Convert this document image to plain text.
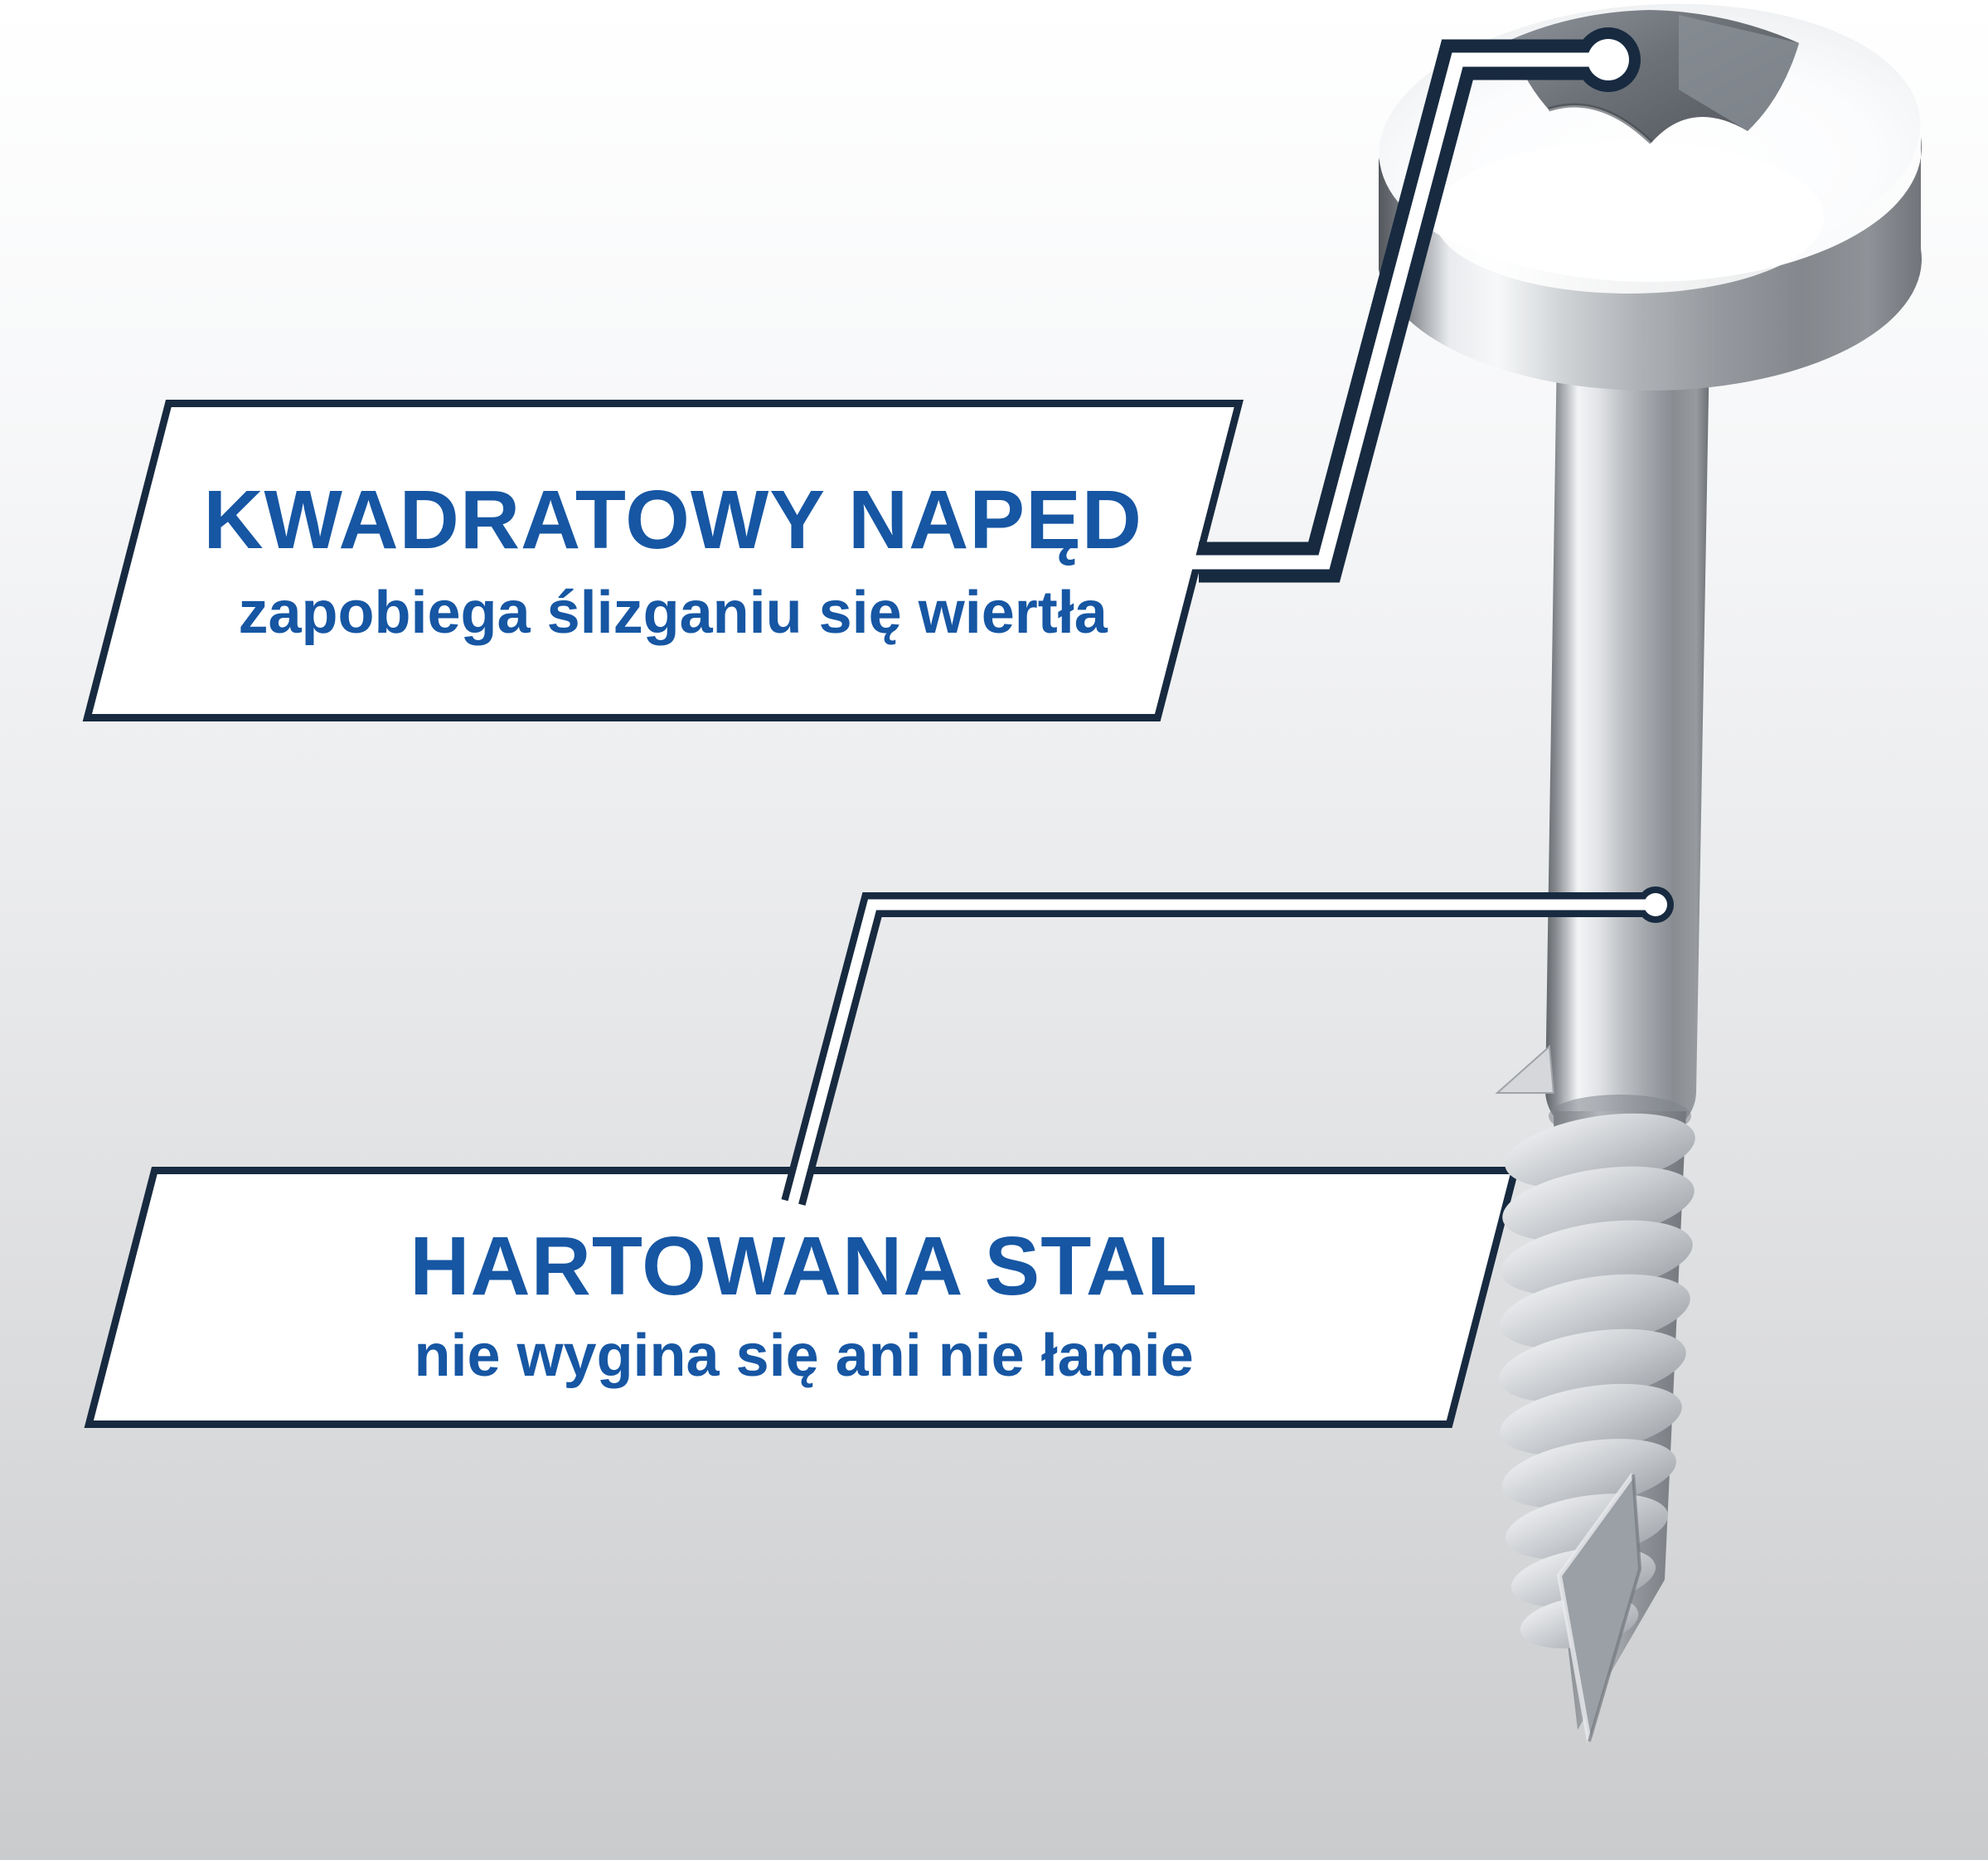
KWADRATOWY NAPĘD
zapobiega ślizganiu się wiertła
HARTOWANA STAL
nie wygina się ani nie łamie
